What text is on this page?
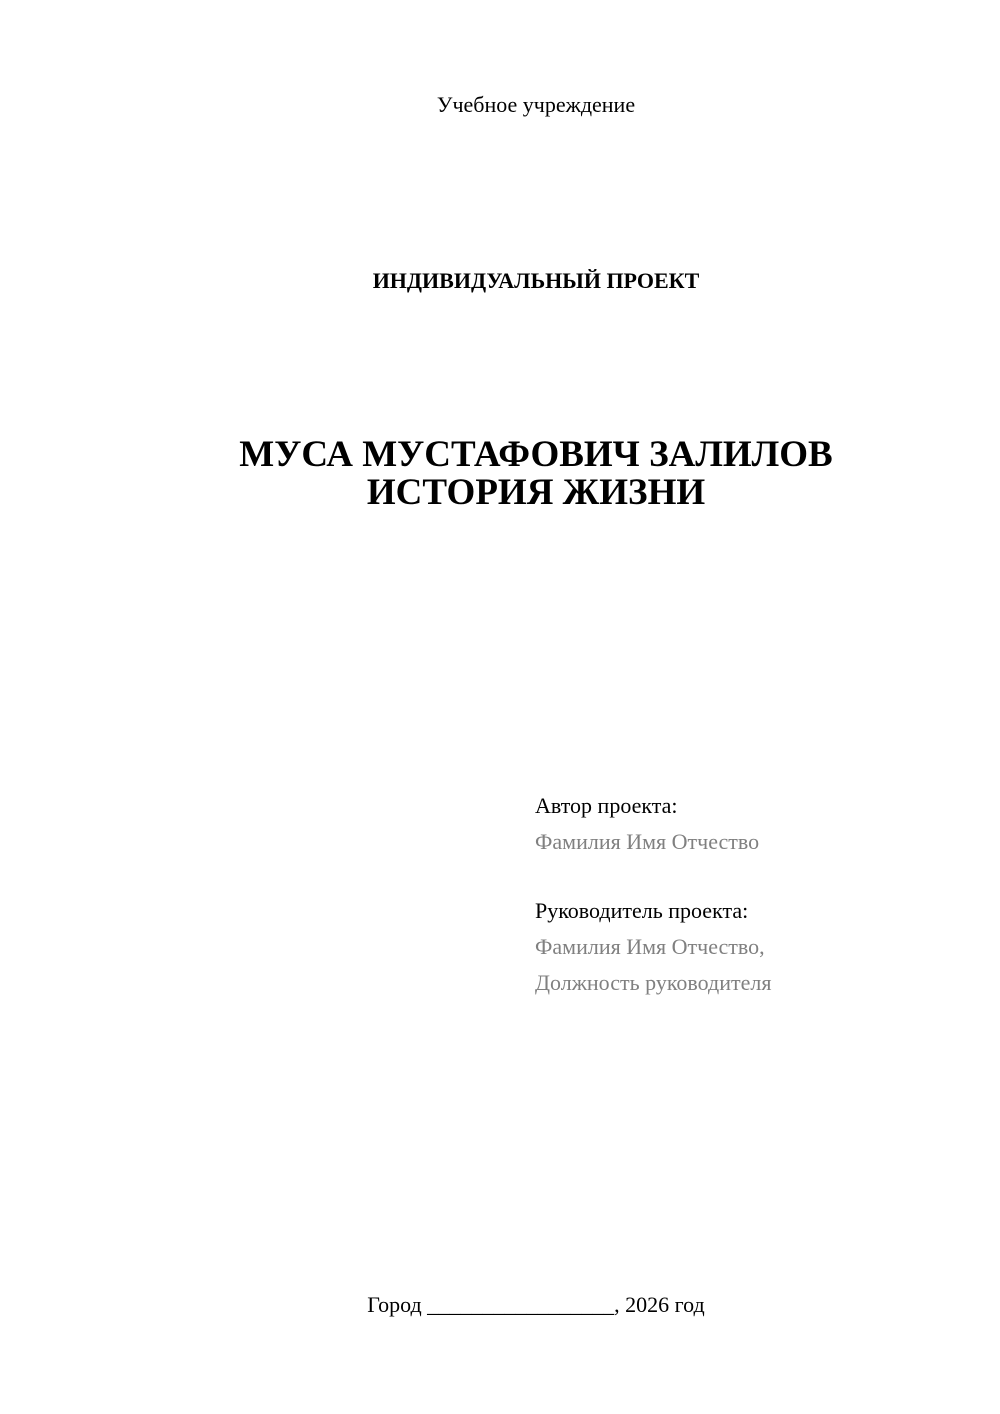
Учебное учреждение
ИНДИВИДУАЛЬНЫЙ ПРОЕКТ
МУСА МУСТАФОВИЧ ЗАЛИЛОВ
ИСТОРИЯ ЖИЗНИ
Автор проекта:
Фамилия Имя Отчество
Руководитель проекта:
Фамилия Имя Отчество,
Должность руководителя
Город _________________, 2026 год
